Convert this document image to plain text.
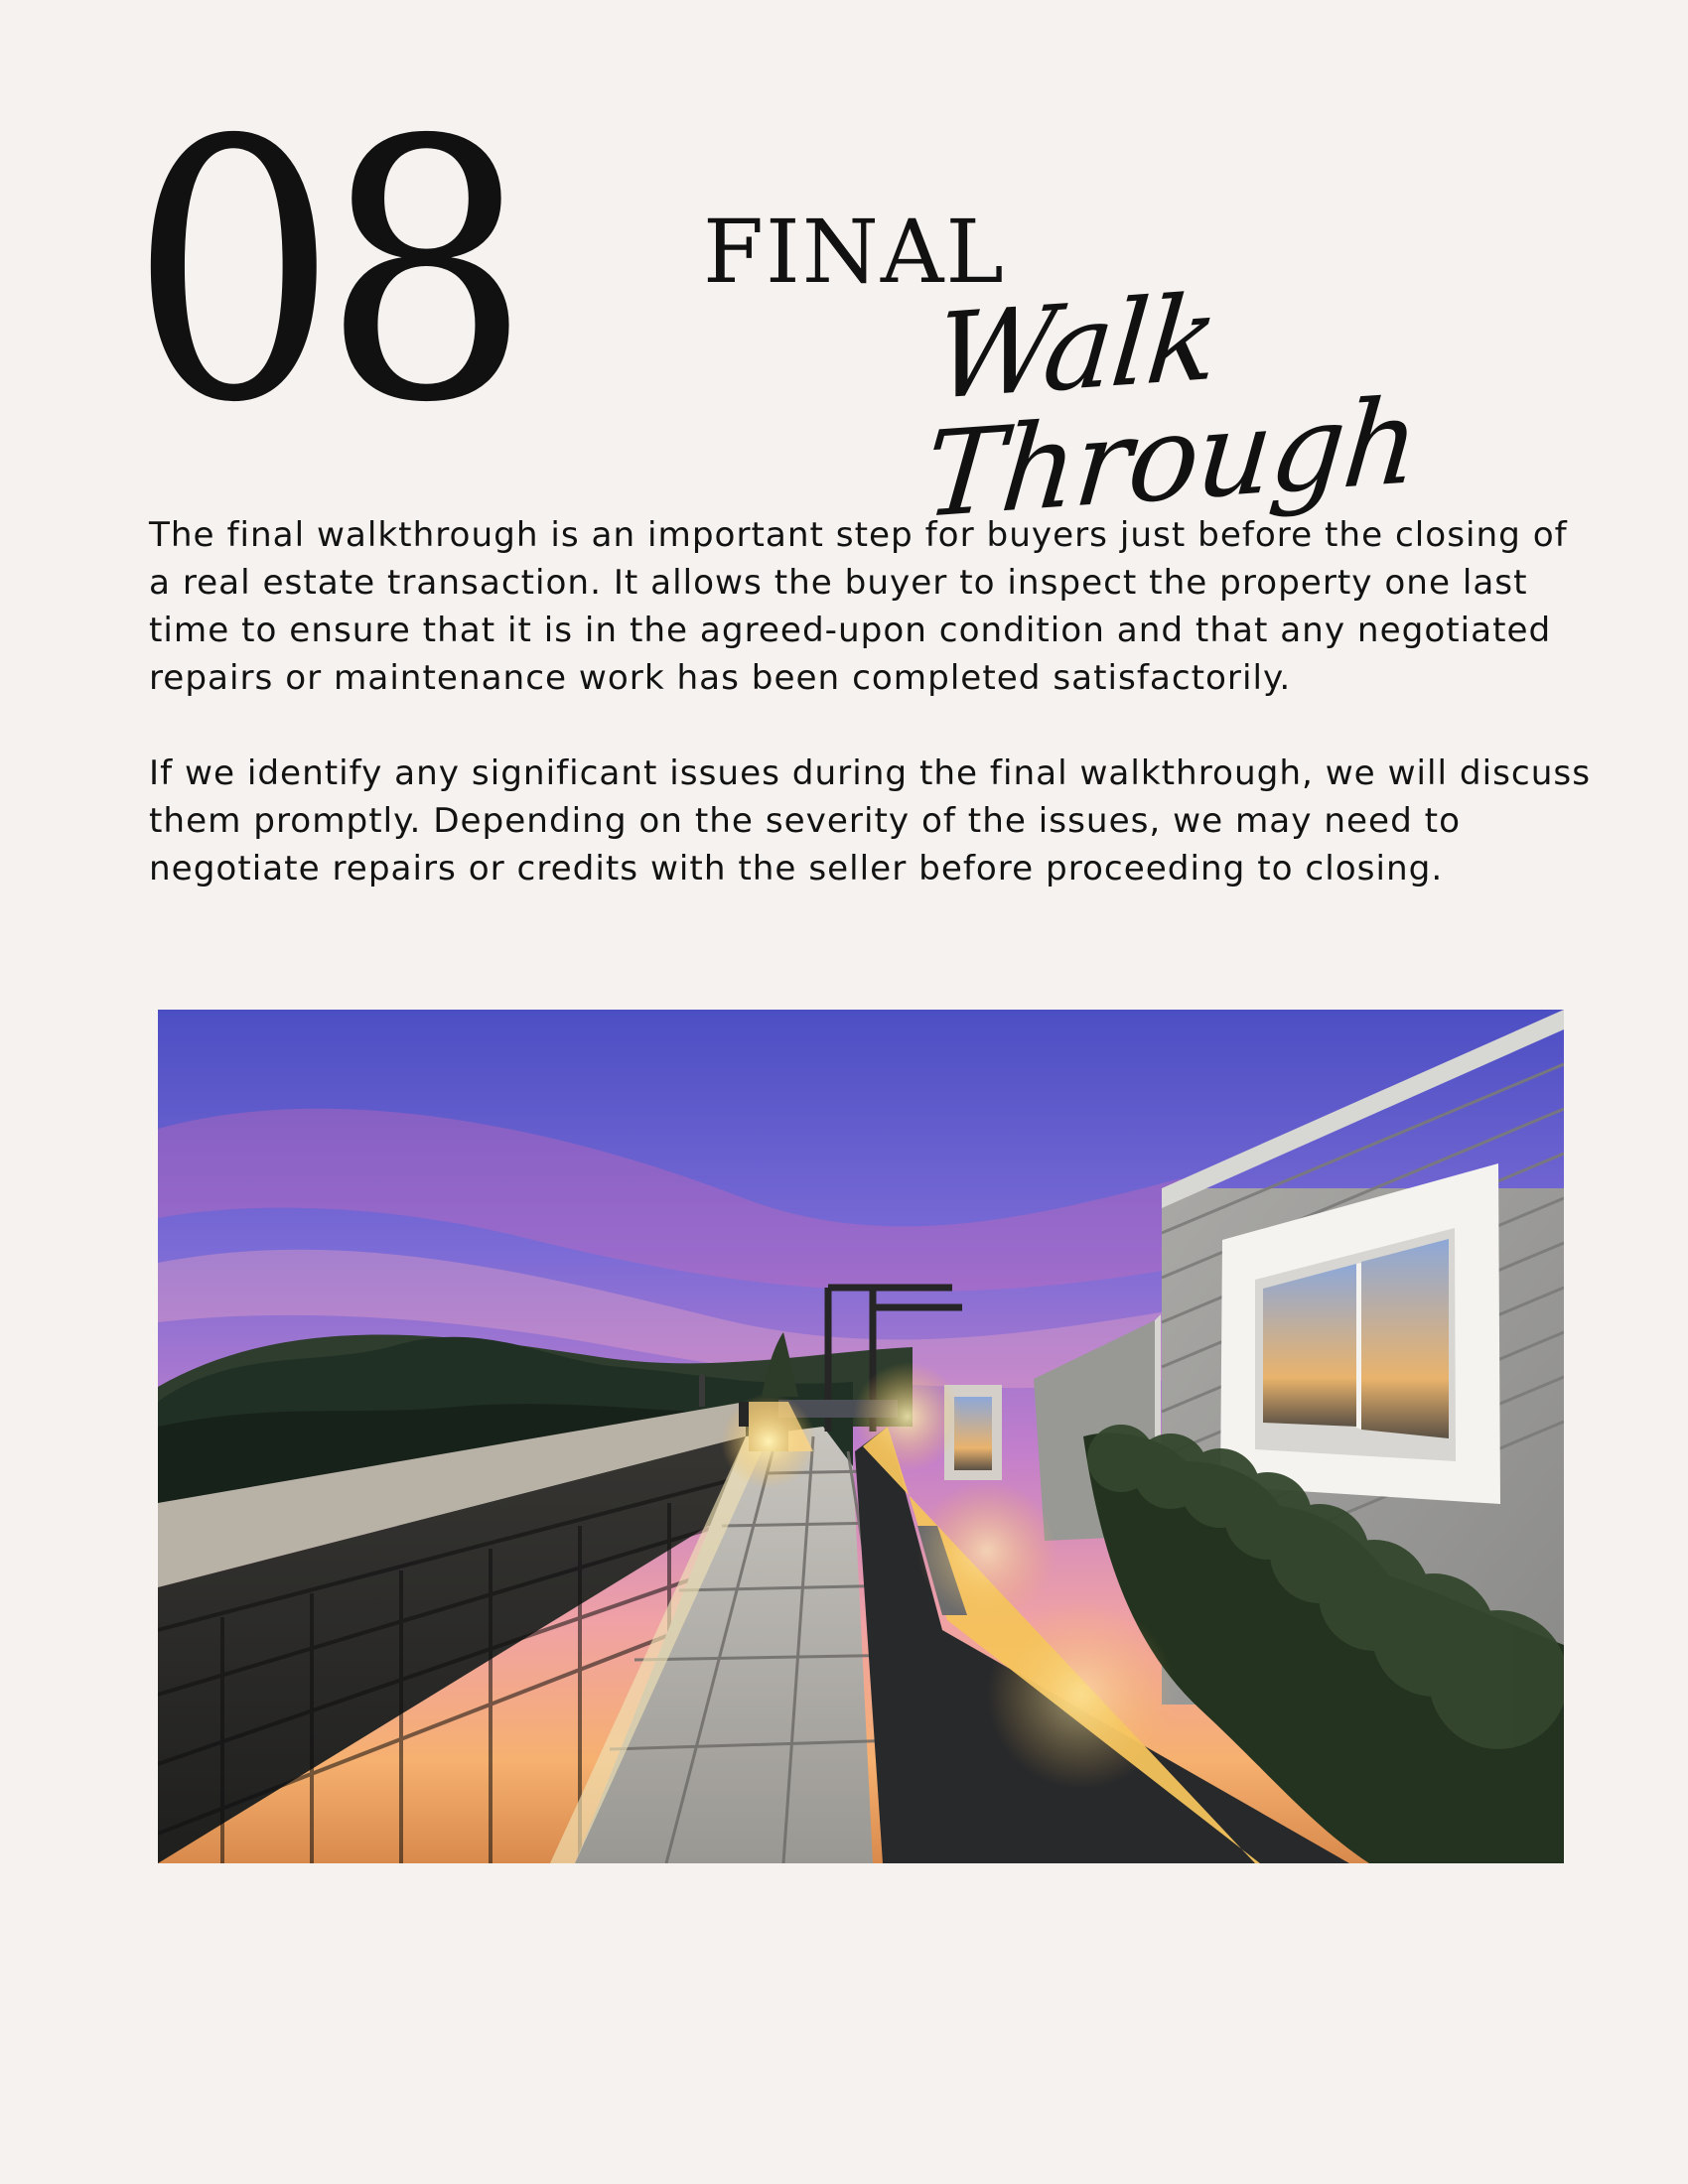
08 FINAL
Walk Through

The final walkthrough is an important step for buyers just before the closing of a real estate transaction. It allows the buyer to inspect the property one last time to ensure that it is in the agreed-upon condition and that any negotiated repairs or maintenance work has been completed satisfactorily.

If we identify any significant issues during the final walkthrough, we will discuss them promptly. Depending on the severity of the issues, we may need to negotiate repairs or credits with the seller before proceeding to closing.
